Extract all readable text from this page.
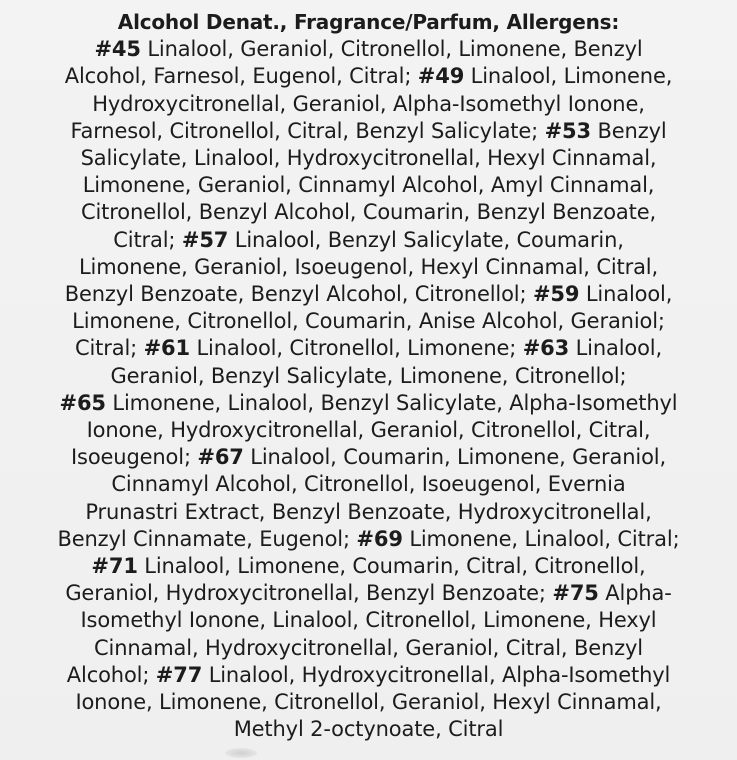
Alcohol Denat., Fragrance/Parfum, Allergens:
#45 Linalool, Geraniol, Citronellol, Limonene, Benzyl
Alcohol, Farnesol, Eugenol, Citral; #49 Linalool, Limonene,
Hydroxycitronellal, Geraniol, Alpha-Isomethyl Ionone,
Farnesol, Citronellol, Citral, Benzyl Salicylate; #53 Benzyl
Salicylate, Linalool, Hydroxycitronellal, Hexyl Cinnamal,
Limonene, Geraniol, Cinnamyl Alcohol, Amyl Cinnamal,
Citronellol, Benzyl Alcohol, Coumarin, Benzyl Benzoate,
Citral; #57 Linalool, Benzyl Salicylate, Coumarin,
Limonene, Geraniol, Isoeugenol, Hexyl Cinnamal, Citral,
Benzyl Benzoate, Benzyl Alcohol, Citronellol; #59 Linalool,
Limonene, Citronellol, Coumarin, Anise Alcohol, Geraniol;
Citral; #61 Linalool, Citronellol, Limonene; #63 Linalool,
Geraniol, Benzyl Salicylate, Limonene, Citronellol;
#65 Limonene, Linalool, Benzyl Salicylate, Alpha-Isomethyl
Ionone, Hydroxycitronellal, Geraniol, Citronellol, Citral,
Isoeugenol; #67 Linalool, Coumarin, Limonene, Geraniol,
Cinnamyl Alcohol, Citronellol, Isoeugenol, Evernia
Prunastri Extract, Benzyl Benzoate, Hydroxycitronellal,
Benzyl Cinnamate, Eugenol; #69 Limonene, Linalool, Citral;
#71 Linalool, Limonene, Coumarin, Citral, Citronellol,
Geraniol, Hydroxycitronellal, Benzyl Benzoate; #75 Alpha-
Isomethyl Ionone, Linalool, Citronellol, Limonene, Hexyl
Cinnamal, Hydroxycitronellal, Geraniol, Citral, Benzyl
Alcohol; #77 Linalool, Hydroxycitronellal, Alpha-Isomethyl
Ionone, Limonene, Citronellol, Geraniol, Hexyl Cinnamal,
Methyl 2-octynoate, Citral
